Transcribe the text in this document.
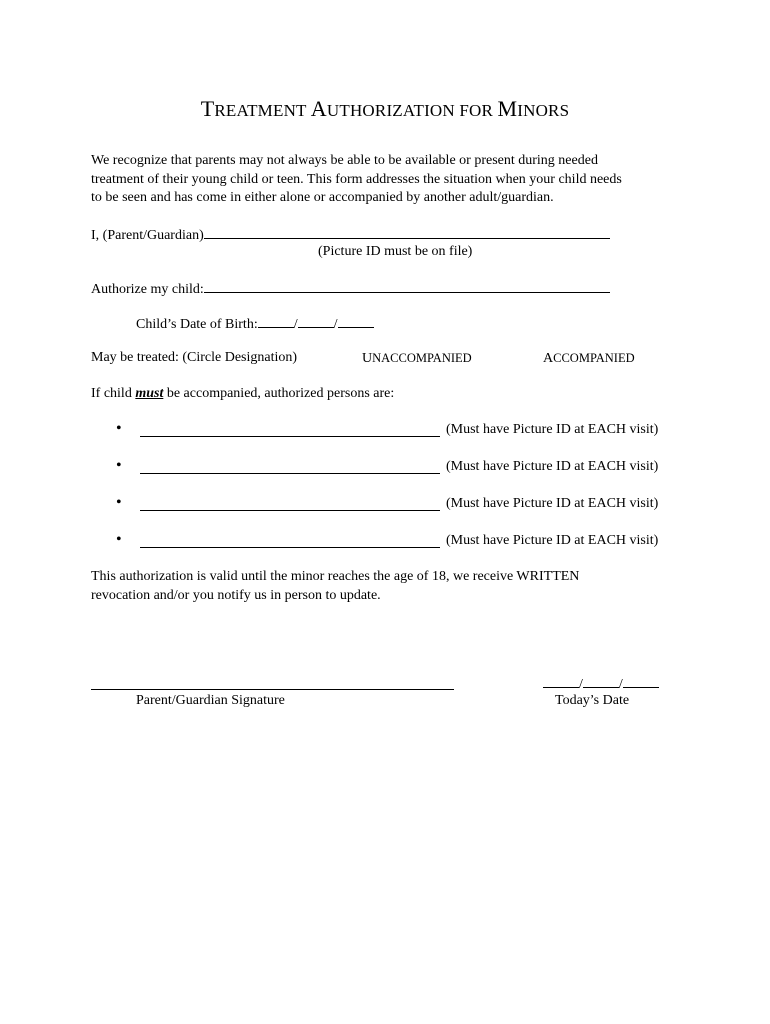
TREATMENT AUTHORIZATION FOR MINORS
We recognize that parents may not always be able to be available or present during needed
treatment of their young child or teen. This form addresses the situation when your child needs
to be seen and has come in either alone or accompanied by another adult/guardian.
I, (Parent/Guardian)
(Picture ID must be on file)
Authorize my child:
Child’s Date of Birth:	/	/
May be treated: (Circle Designation)	UNACCOMPANIED	ACCOMPANIED
If child must be accompanied, authorized persons are:
•	(Must have Picture ID at EACH visit)
•	(Must have Picture ID at EACH visit)
•	(Must have Picture ID at EACH visit)
•	(Must have Picture ID at EACH visit)
This authorization is valid until the minor reaches the age of 18, we receive WRITTEN
revocation and/or you notify us in person to update.
Parent/Guardian Signature
/	/
Today’s Date
